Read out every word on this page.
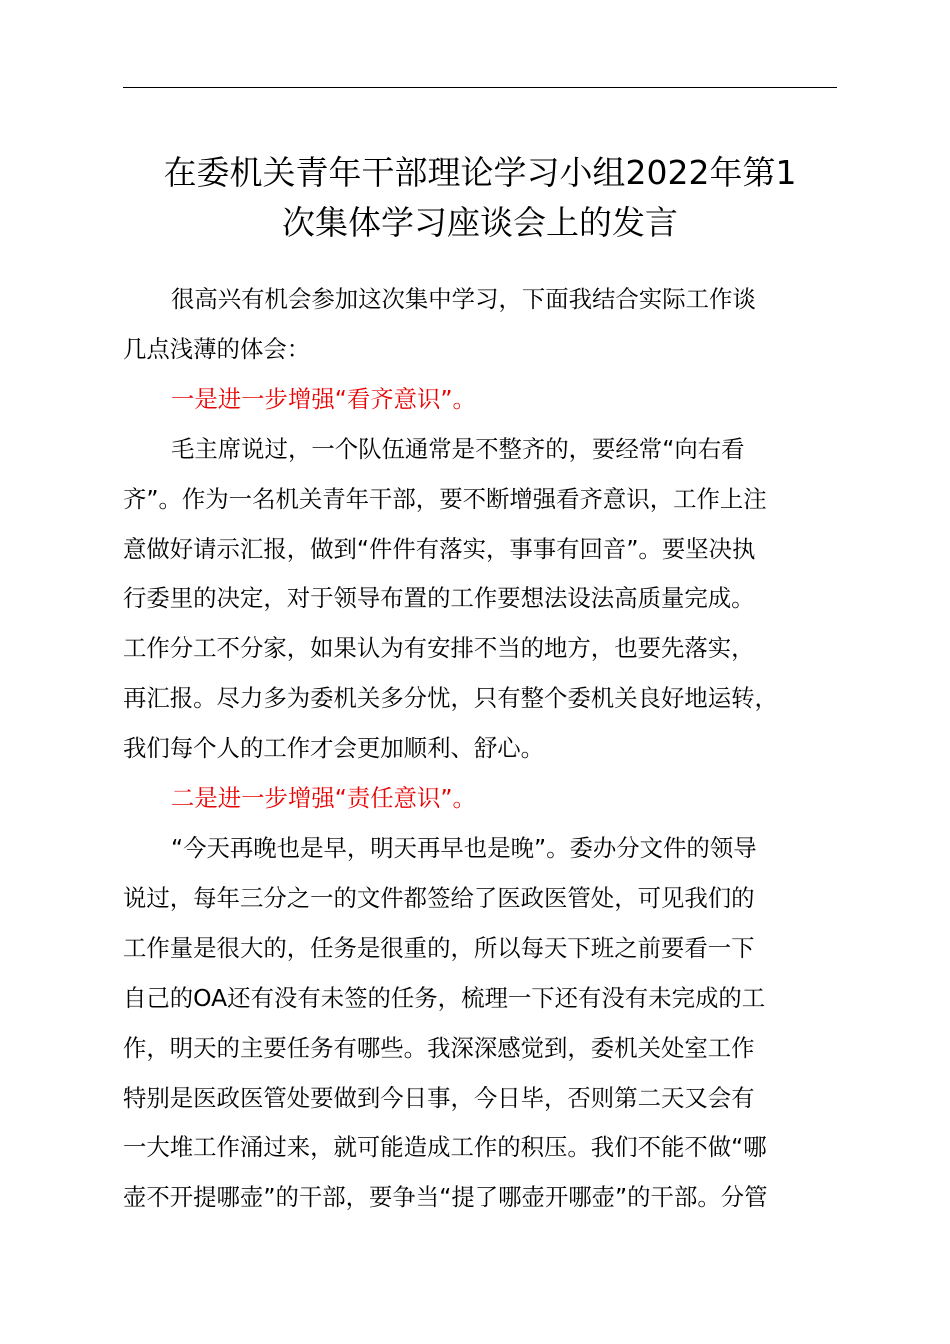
在委机关青年干部理论学习小组2022年第1
次集体学习座谈会上的发言

很高兴有机会参加这次集中学习，下面我结合实际工作谈
几点浅薄的体会：

一是进一步增强“看齐意识”。

毛主席说过，一个队伍通常是不整齐的，要经常“向右看
齐”。作为一名机关青年干部，要不断增强看齐意识，工作上注
意做好请示汇报，做到“件件有落实，事事有回音”。要坚决执
行委里的决定，对于领导布置的工作要想法设法高质量完成。
工作分工不分家，如果认为有安排不当的地方，也要先落实，
再汇报。尽力多为委机关多分忧，只有整个委机关良好地运转，
我们每个人的工作才会更加顺利、舒心。

二是进一步增强“责任意识”。

“今天再晚也是早，明天再早也是晚”。委办分文件的领导
说过，每年三分之一的文件都签给了医政医管处，可见我们的
工作量是很大的，任务是很重的，所以每天下班之前要看一下
自己的OA还有没有未签的任务，梳理一下还有没有未完成的工
作，明天的主要任务有哪些。我深深感觉到，委机关处室工作
特别是医政医管处要做到今日事，今日毕，否则第二天又会有
一大堆工作涌过来，就可能造成工作的积压。我们不能不做“哪
壶不开提哪壶”的干部，要争当“提了哪壶开哪壶”的干部。分管
